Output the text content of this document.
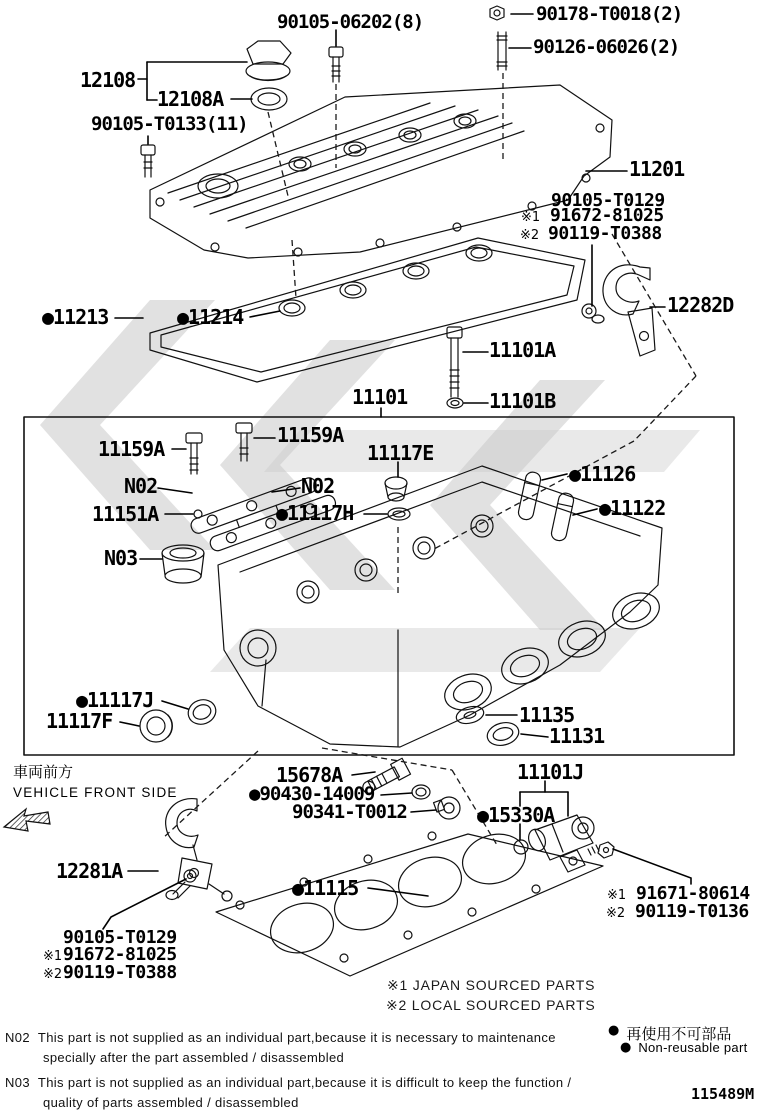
90105-06202(8)	90178-T0018(2)
90126-06026(2)
12108
12108A
90105-T0133(11)
11201
12282D
●11213	●11214
11101A
11101	11101B
11159A
11159A
11117E
N02	N02
11151A	●11117H
●11126
●11122
N03
●11117J
11117F	11135
11131
12281A
15678A
●90430-14009
90341-T0012
11101J
●15330A
●11115
90105-T0129
※1 91672-81025
※2 90119-T0388
90105-T0129
※1 91672-81025
※2 90119-T0388
※1 91671-80614
※2 90119-T0136
車両前方
VEHICLE FRONT SIDE
※1 JAPAN SOURCED PARTS
※2 LOCAL SOURCED PARTS
● 再使用不可部品
● Non-reusable part
N02 This part is not supplied as an individual part,because it is necessary to maintenance
specially after the part assembled / disassembled
N03 This part is not supplied as an individual part,because it is difficult to keep the function /
quality of parts assembled / disassembled	115489M
